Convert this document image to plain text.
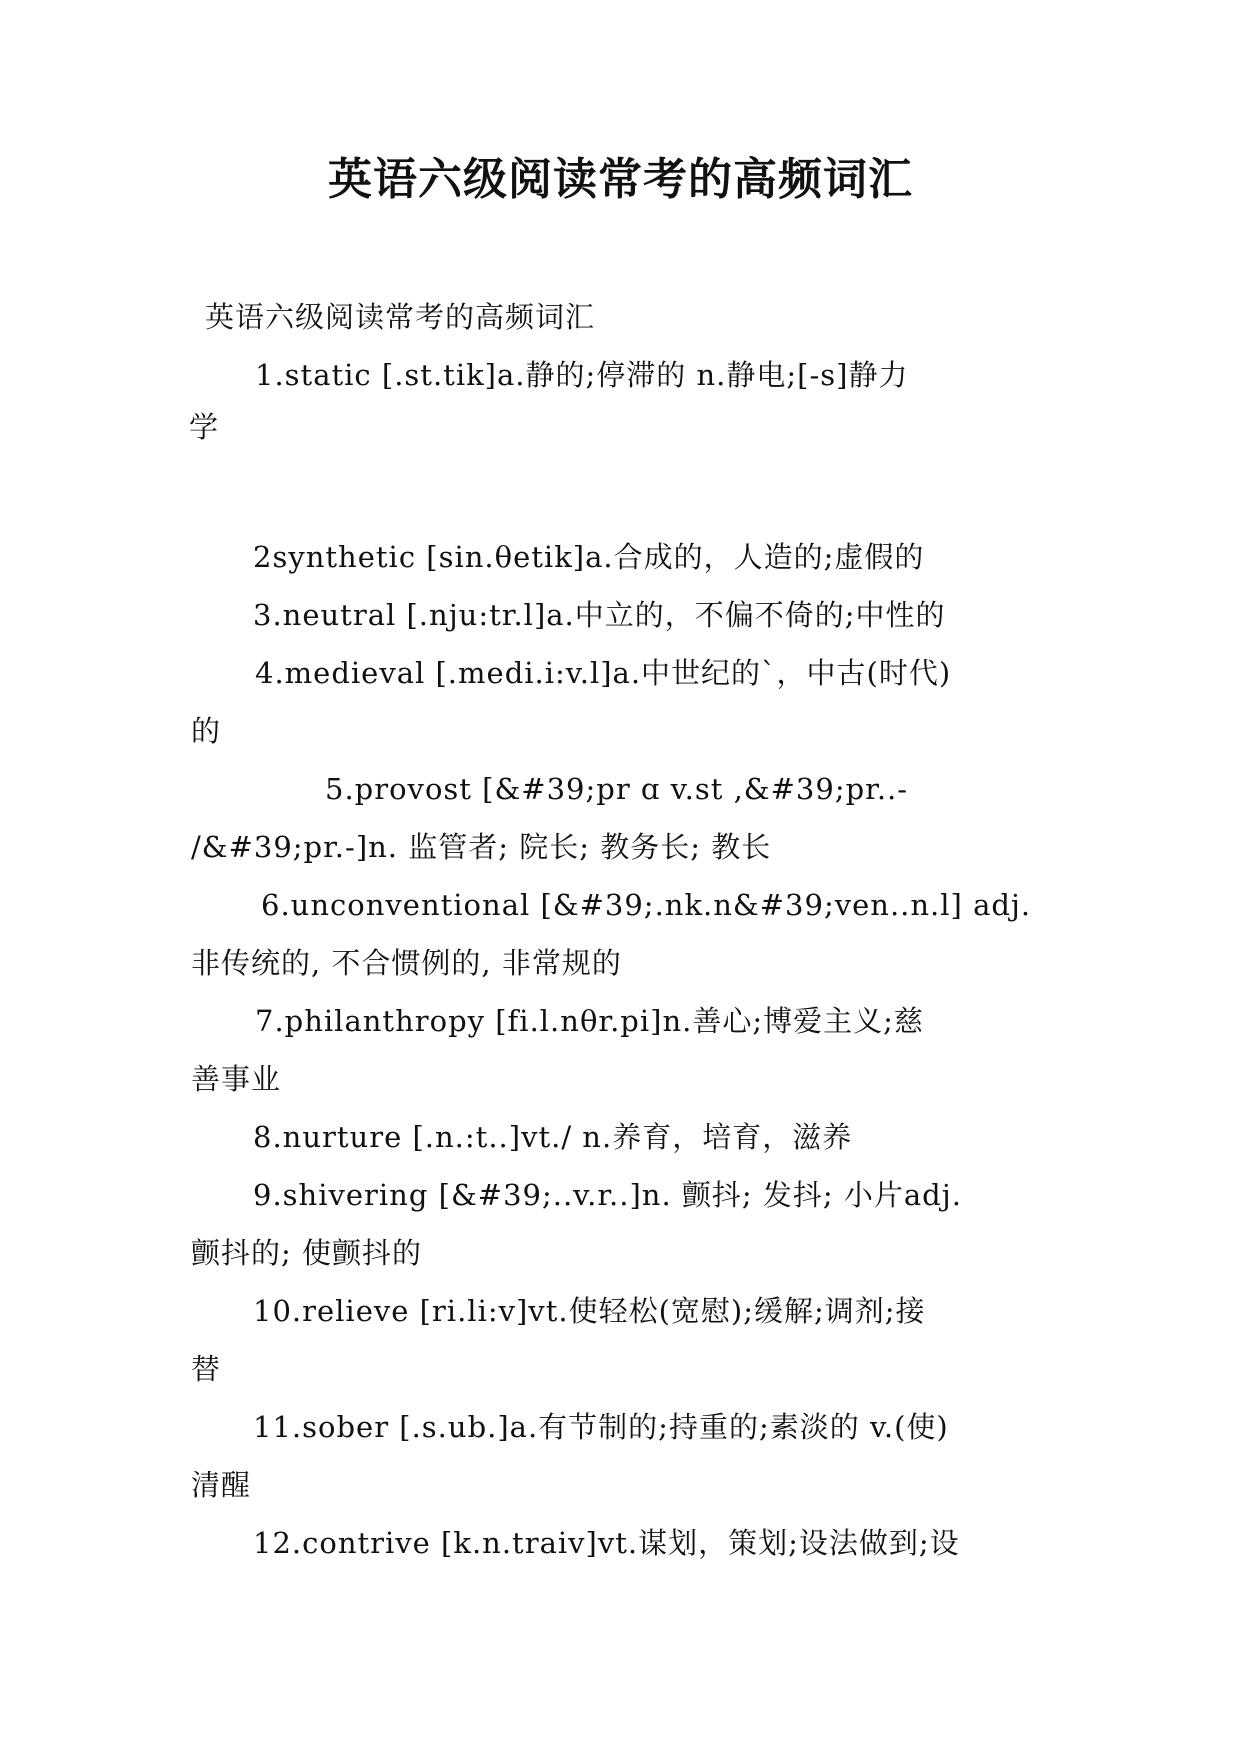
英语六级阅读常考的高频词汇
英语六级阅读常考的高频词汇
1.static [.st.tik]a.静的;停滞的 n.静电;[-s]静力
学
2synthetic [sin.θetik]a.合成的，人造的;虚假的
3.neutral [.nju:tr.l]a.中立的，不偏不倚的;中性的
4.medieval [.medi.i:v.l]a.中世纪的`，中古(时代)
的
5.provost [&#39;pr ɑ v.st ,&#39;pr..-
/&#39;pr.-]n. 监管者; 院长; 教务长; 教长
6.unconventional [&#39;.nk.n&#39;ven..n.l] adj.
非传统的, 不合惯例的, 非常规的
7.philanthropy [fi.l.nθr.pi]n.善心;博爱主义;慈
善事业
8.nurture [.n.:t..]vt./ n.养育，培育，滋养
9.shivering [&#39;..v.r..]n. 颤抖; 发抖; 小片adj.
颤抖的; 使颤抖的
10.relieve [ri.li:v]vt.使轻松(宽慰);缓解;调剂;接
替
11.sober [.s.ub.]a.有节制的;持重的;素淡的 v.(使)
清醒
12.contrive [k.n.traiv]vt.谋划，策划;设法做到;设
